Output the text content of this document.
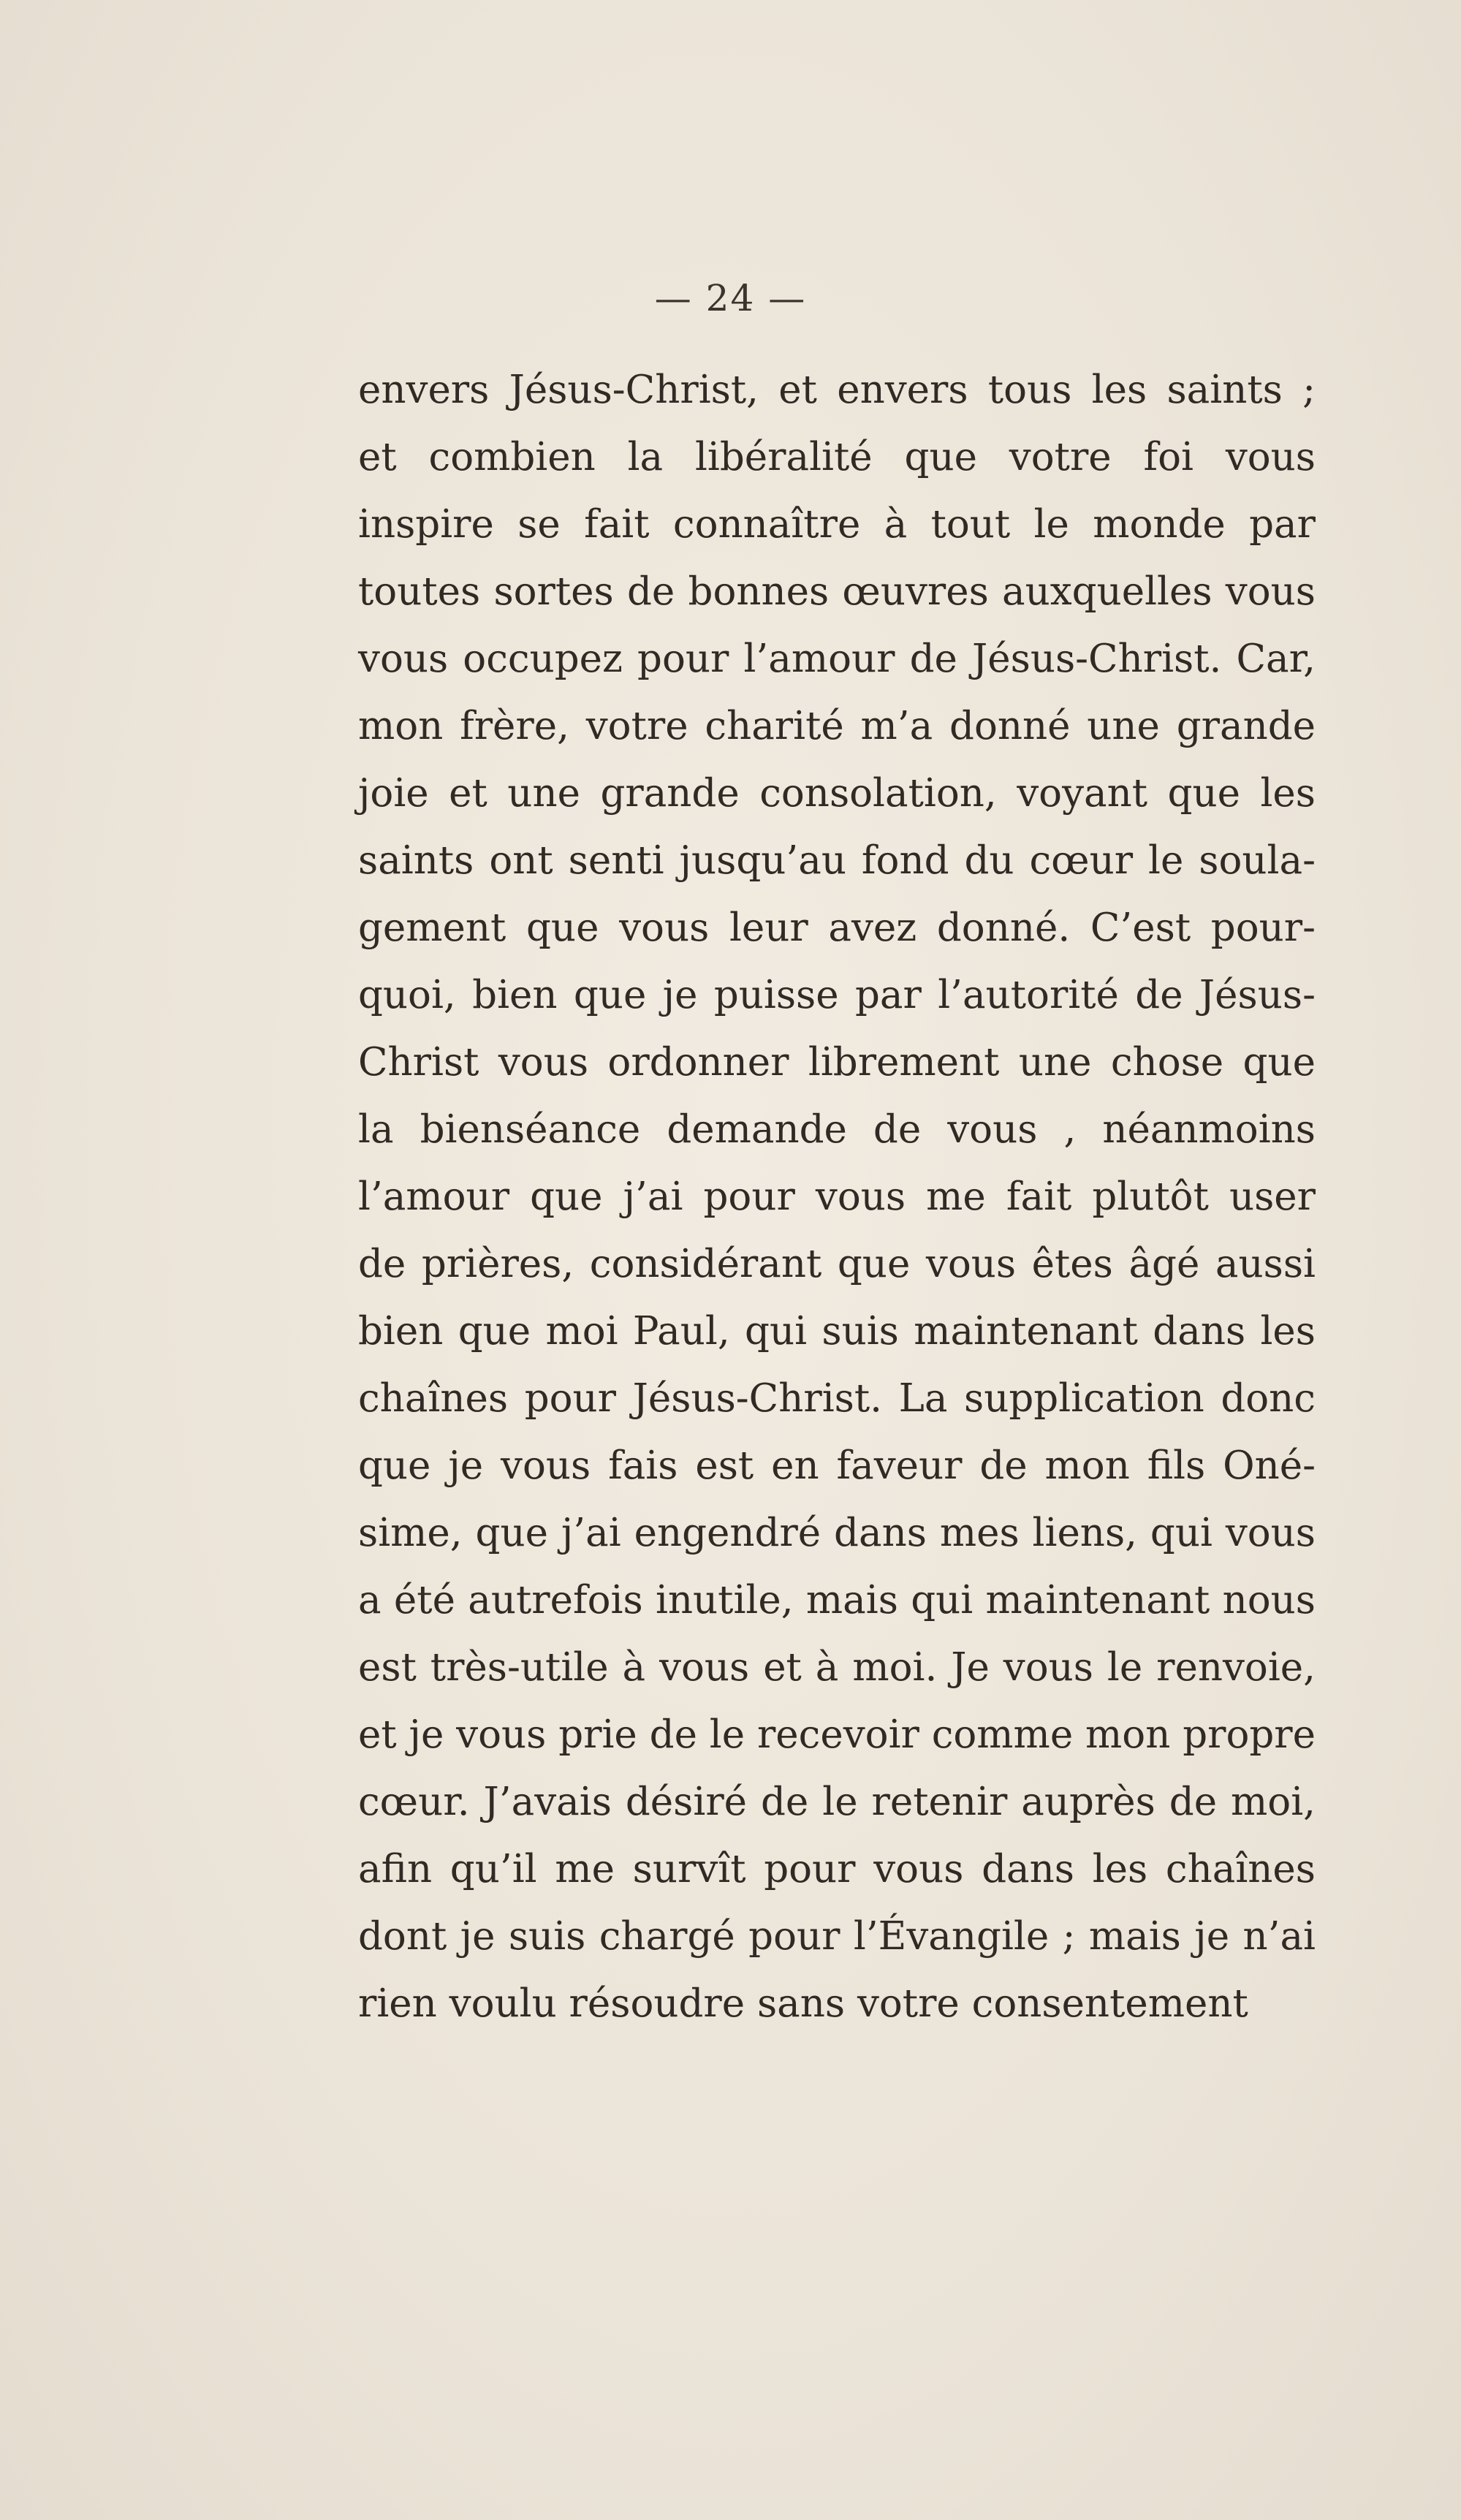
— 24 —
envers Jésus-Christ, et envers tous les saints ;
et combien la libéralité que votre foi vous
inspire se fait connaître à tout le monde par
toutes sortes de bonnes œuvres auxquelles vous
vous occupez pour l’amour de Jésus-Christ. Car,
mon frère, votre charité m’a donné une grande
joie et une grande consolation, voyant que les
saints ont senti jusqu’au fond du cœur le soula-
gement que vous leur avez donné. C’est pour-
quoi, bien que je puisse par l’autorité de Jésus-
Christ vous ordonner librement une chose que
la bienséance demande de vous , néanmoins
l’amour que j’ai pour vous me fait plutôt user
de prières, considérant que vous êtes âgé aussi
bien que moi Paul, qui suis maintenant dans les
chaînes pour Jésus-Christ. La supplication donc
que je vous fais est en faveur de mon fils Oné-
sime, que j’ai engendré dans mes liens, qui vous
a été autrefois inutile, mais qui maintenant nous
est très-utile à vous et à moi. Je vous le renvoie,
et je vous prie de le recevoir comme mon propre
cœur. J’avais désiré de le retenir auprès de moi,
afin qu’il me survît pour vous dans les chaînes
dont je suis chargé pour l’Évangile ; mais je n’ai
rien voulu résoudre sans votre consentement
